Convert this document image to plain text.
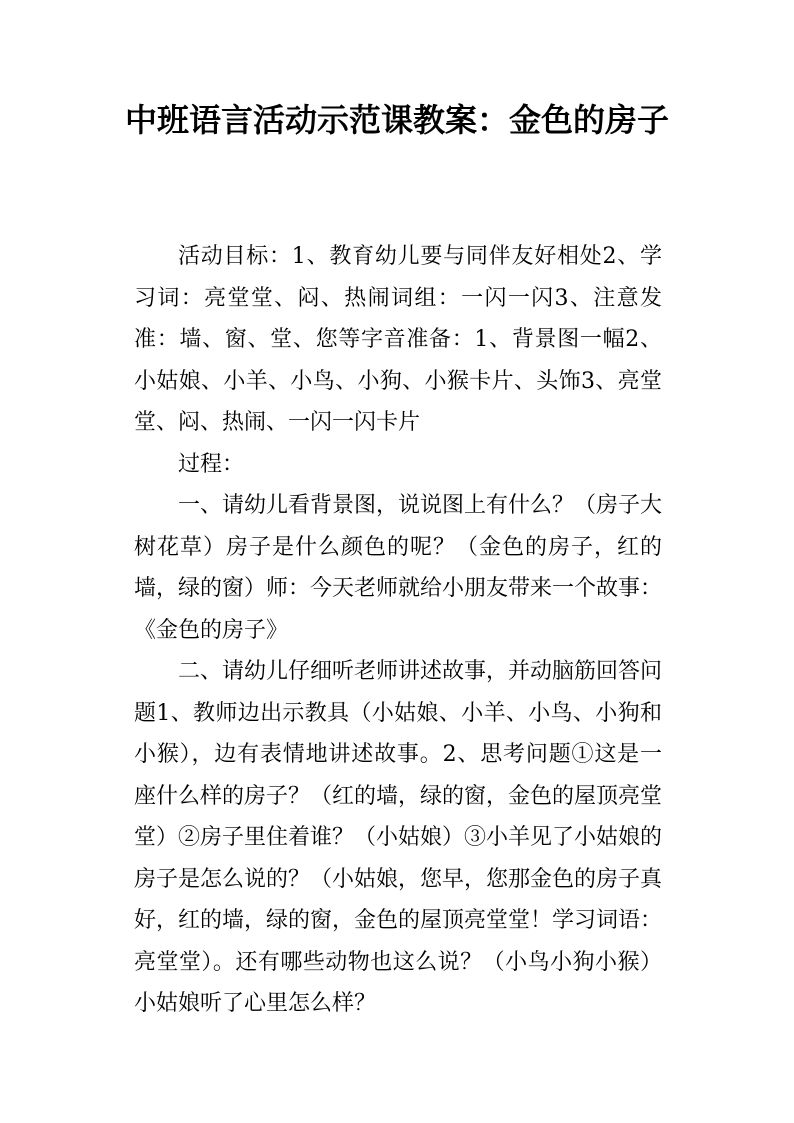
中班语言活动示范课教案：金色的房子

活动目标：1、教育幼儿要与同伴友好相处2、学习词：亮堂堂、闷、热闹词组：一闪一闪3、注意发准：墙、窗、堂、您等字音准备：1、背景图一幅2、小姑娘、小羊、小鸟、小狗、小猴卡片、头饰3、亮堂堂、闷、热闹、一闪一闪卡片

过程：

一、请幼儿看背景图，说说图上有什么？（房子大树花草）房子是什么颜色的呢？（金色的房子，红的墙，绿的窗）师：今天老师就给小朋友带来一个故事：《金色的房子》

二、请幼儿仔细听老师讲述故事，并动脑筋回答问题1、教师边出示教具（小姑娘、小羊、小鸟、小狗和小猴），边有表情地讲述故事。2、思考问题①这是一座什么样的房子？（红的墙，绿的窗，金色的屋顶亮堂堂）②房子里住着谁？（小姑娘）③小羊见了小姑娘的房子是怎么说的？（小姑娘，您早，您那金色的房子真好，红的墙，绿的窗，金色的屋顶亮堂堂！学习词语：亮堂堂）。还有哪些动物也这么说？（小鸟小狗小猴）小姑娘听了心里怎么样？
